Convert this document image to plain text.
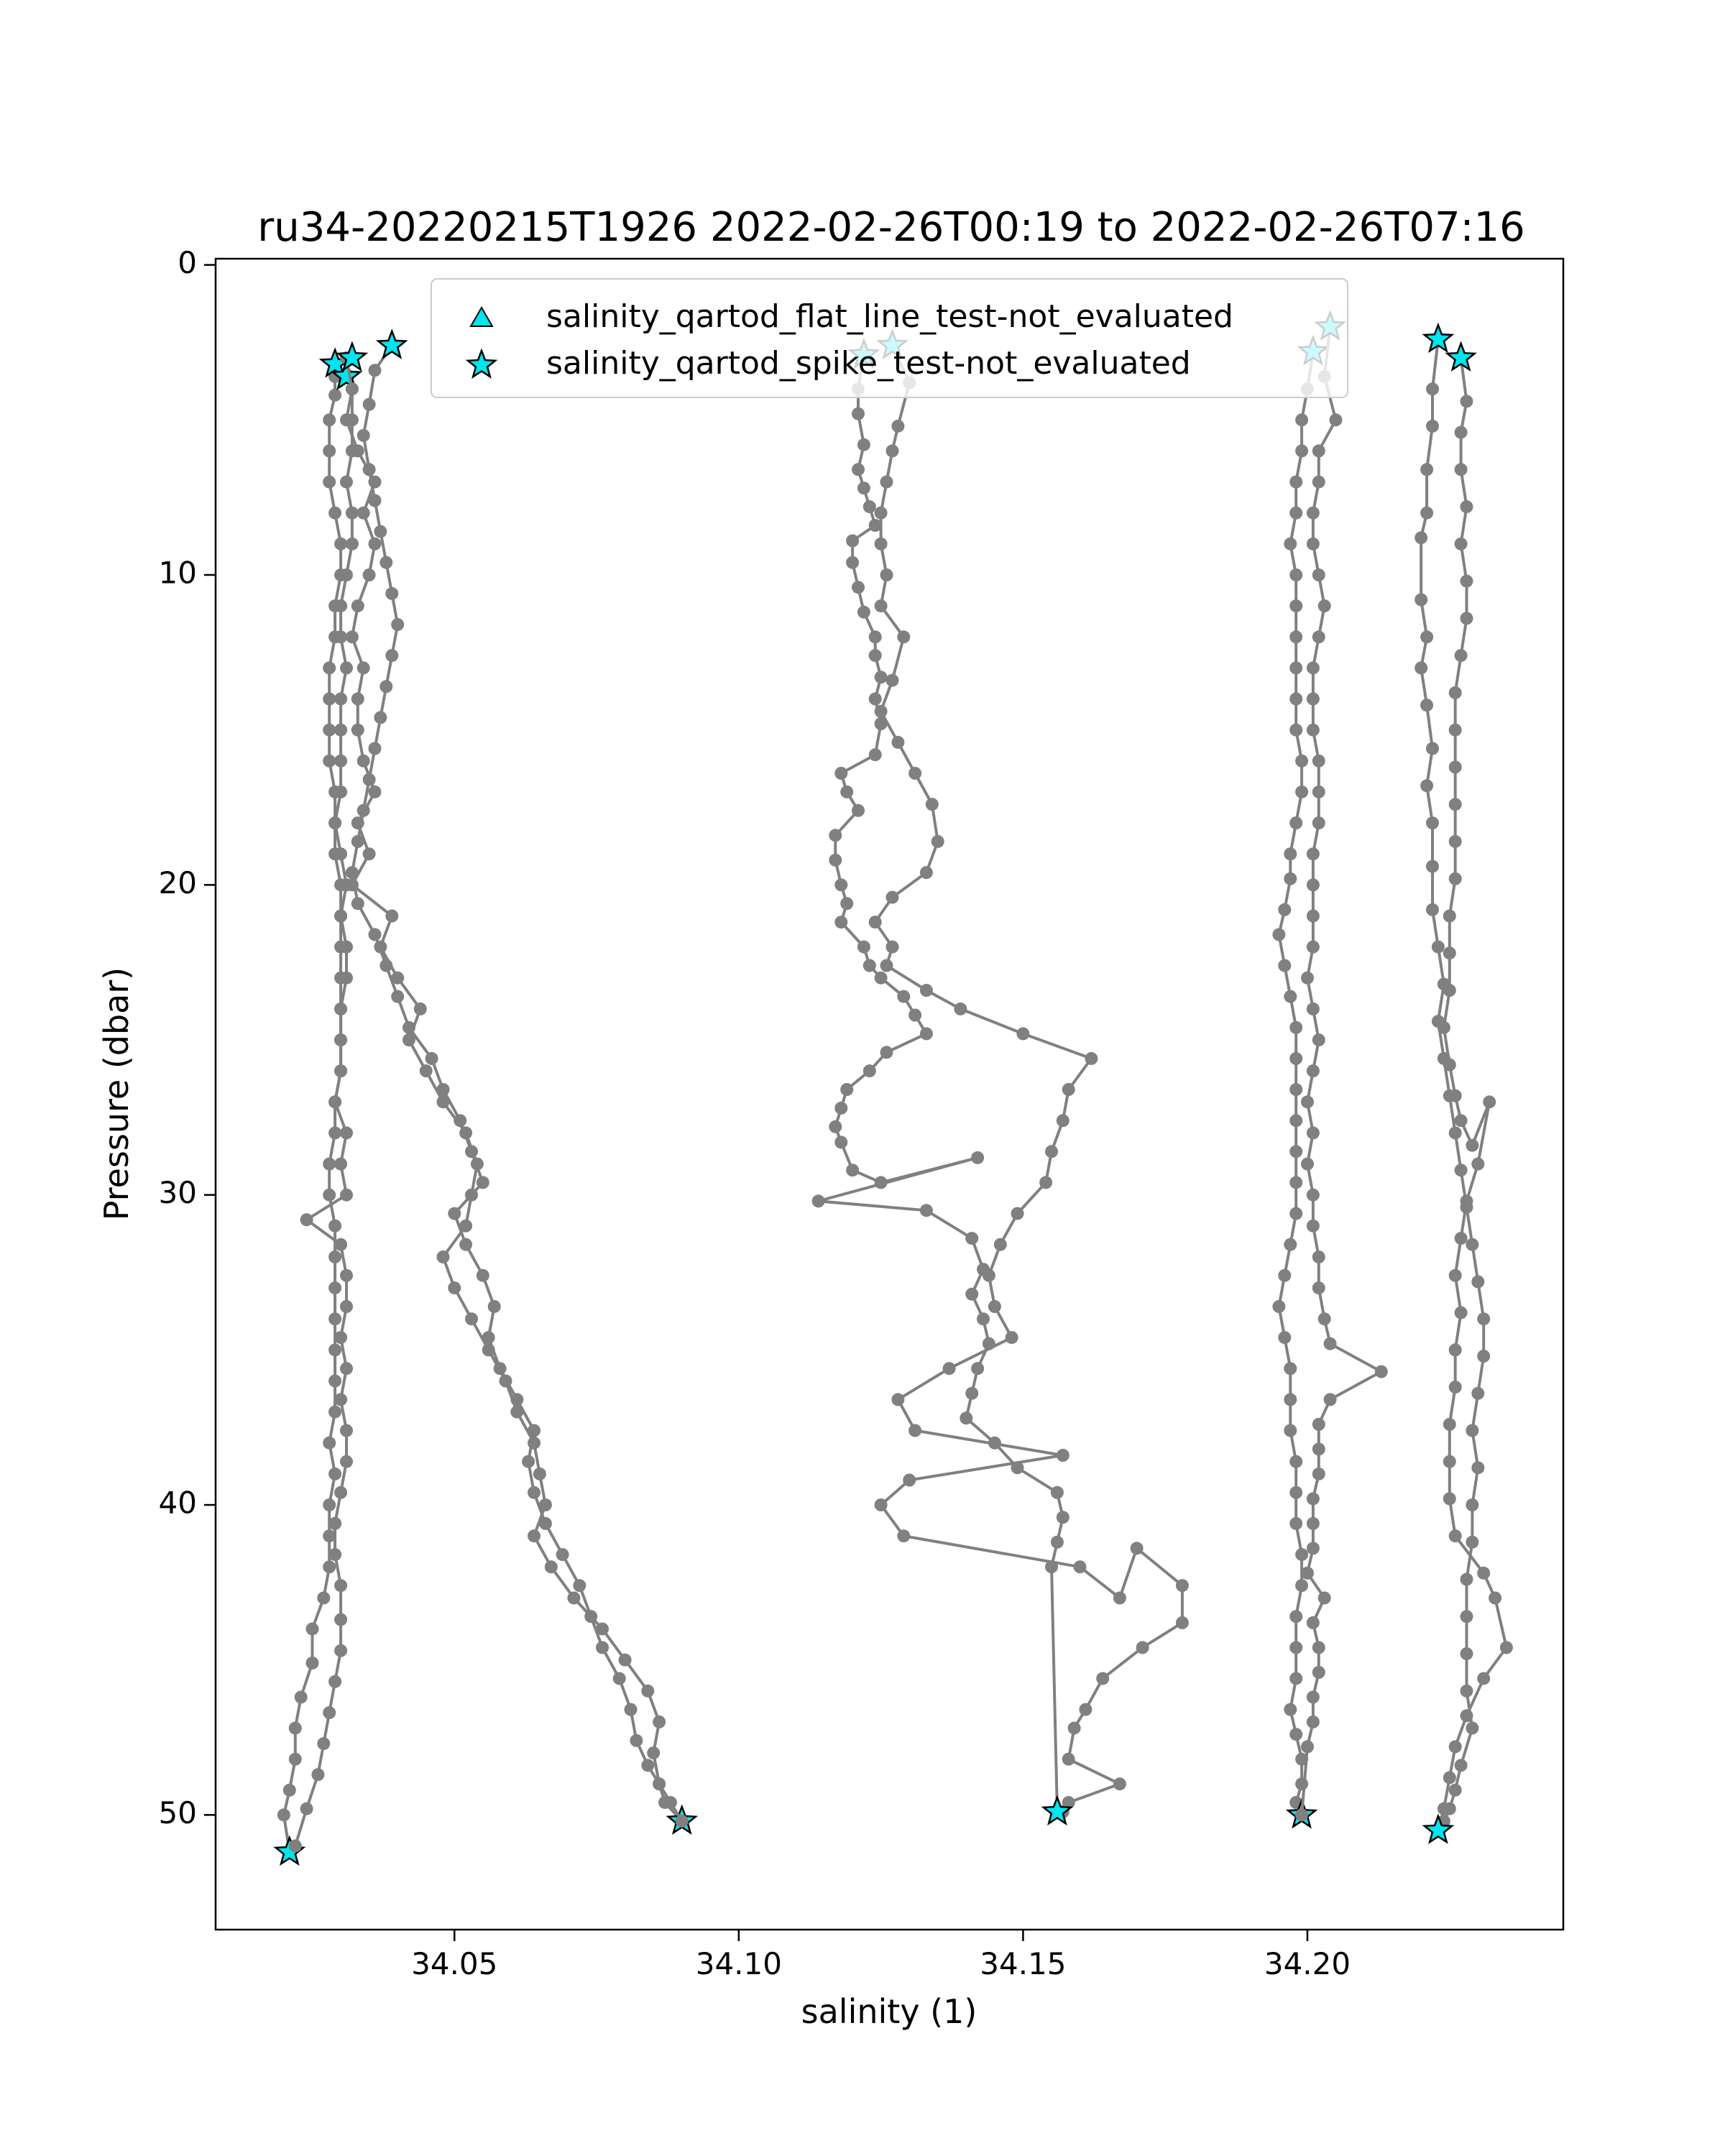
ru34-20220215T1926 2022-02-26T00:19 to 2022-02-26T07:16
34.05	34.10	34.15	34.20
0
10
20
30
40
50
salinity (1)
Pressure (dbar)
salinity_qartod_flat_line_test-not_evaluated
salinity_qartod_spike_test-not_evaluated
